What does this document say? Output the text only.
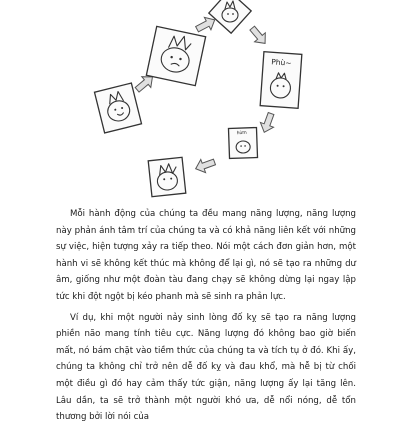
Phù~
hừm

Mỗi hành động của chúng ta đều mang năng lượng, năng lượng này phản ánh tâm trí của chúng ta và có khả năng liên kết với những sự việc, hiện tượng xảy ra tiếp theo. Nói một cách đơn giản hơn, một hành vi sẽ không kết thúc mà không để lại gì, nó sẽ tạo ra những dư âm, giống như một đoàn tàu đang chạy sẽ không dừng lại ngay lập tức khi đột ngột bị kéo phanh mà sẽ sinh ra phản lực.

Ví dụ, khi một người nảy sinh lòng đố kỵ sẽ tạo ra năng lượng phiền não mang tính tiêu cực. Năng lượng đó không bao giờ biến mất, nó bám chặt vào tiềm thức của chúng ta và tích tụ ở đó. Khi ấy, chúng ta không chỉ trở nên dễ đố kỵ và đau khổ, mà hễ bị từ chối một điều gì đó hay cảm thấy tức giận, năng lượng ấy lại tăng lên. Lâu dần, ta sẽ trở thành một người khó ưa, dễ nổi nóng, dễ tổn thương bởi lời nói của
